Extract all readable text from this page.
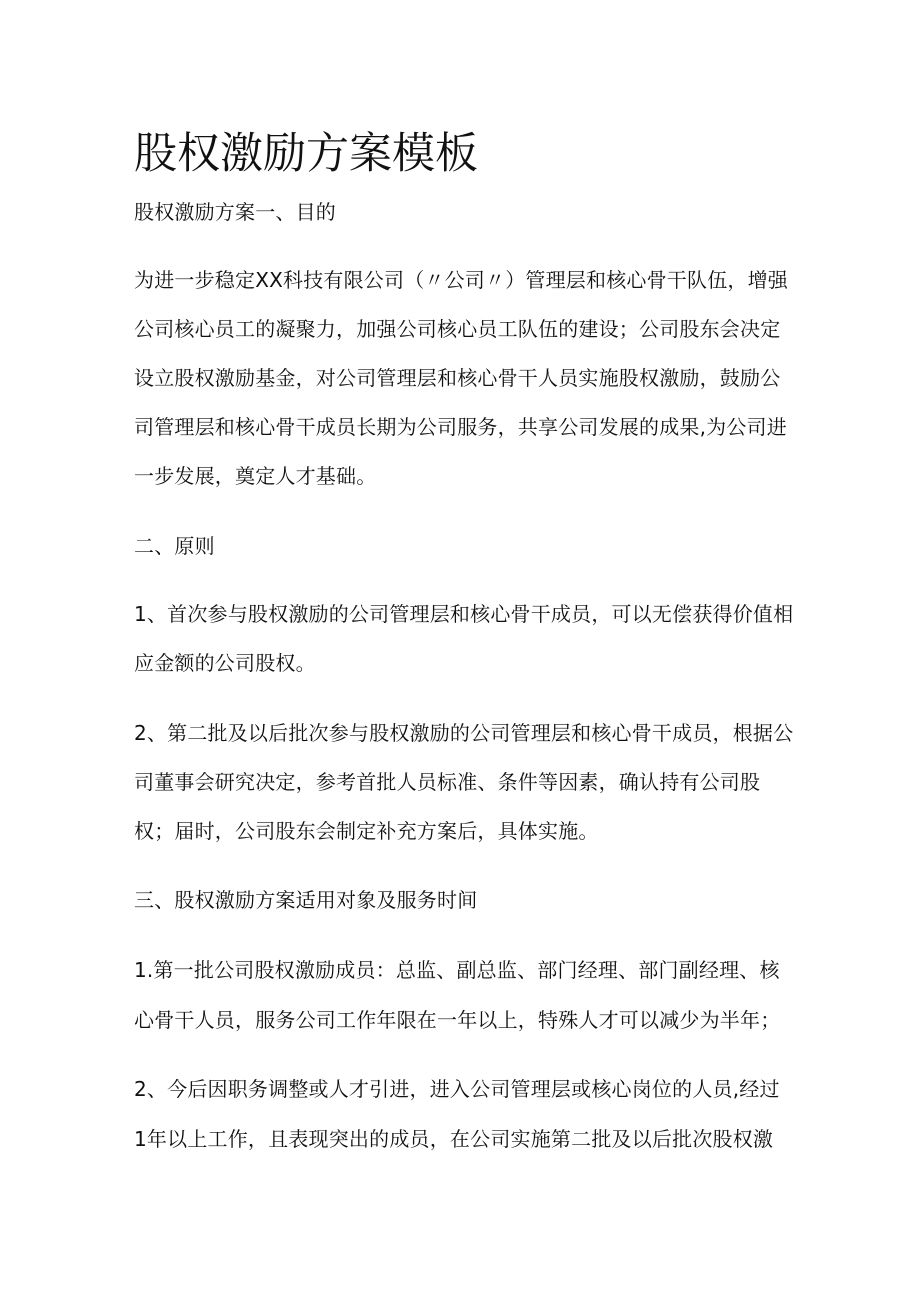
股权激励方案模板
股权激励方案一、目的
为进一步稳定XX科技有限公司（〃公司〃）管理层和核心骨干队伍，增强
公司核心员工的凝聚力，加强公司核心员工队伍的建设；公司股东会决定
设立股权激励基金，对公司管理层和核心骨干人员实施股权激励，鼓励公
司管理层和核心骨干成员长期为公司服务，共享公司发展的成果,为公司进
一步发展，奠定人才基础。
二、原则
1、首次参与股权激励的公司管理层和核心骨干成员，可以无偿获得价值相
应金额的公司股权。
2、第二批及以后批次参与股权激励的公司管理层和核心骨干成员，根据公
司董事会研究决定，参考首批人员标准、条件等因素，确认持有公司股
权；届时，公司股东会制定补充方案后，具体实施。
三、股权激励方案适用对象及服务时间
1.第一批公司股权激励成员：总监、副总监、部门经理、部门副经理、核
心骨干人员，服务公司工作年限在一年以上，特殊人才可以减少为半年；
2、今后因职务调整或人才引进，进入公司管理层或核心岗位的人员,经过
1年以上工作，且表现突出的成员，在公司实施第二批及以后批次股权激
